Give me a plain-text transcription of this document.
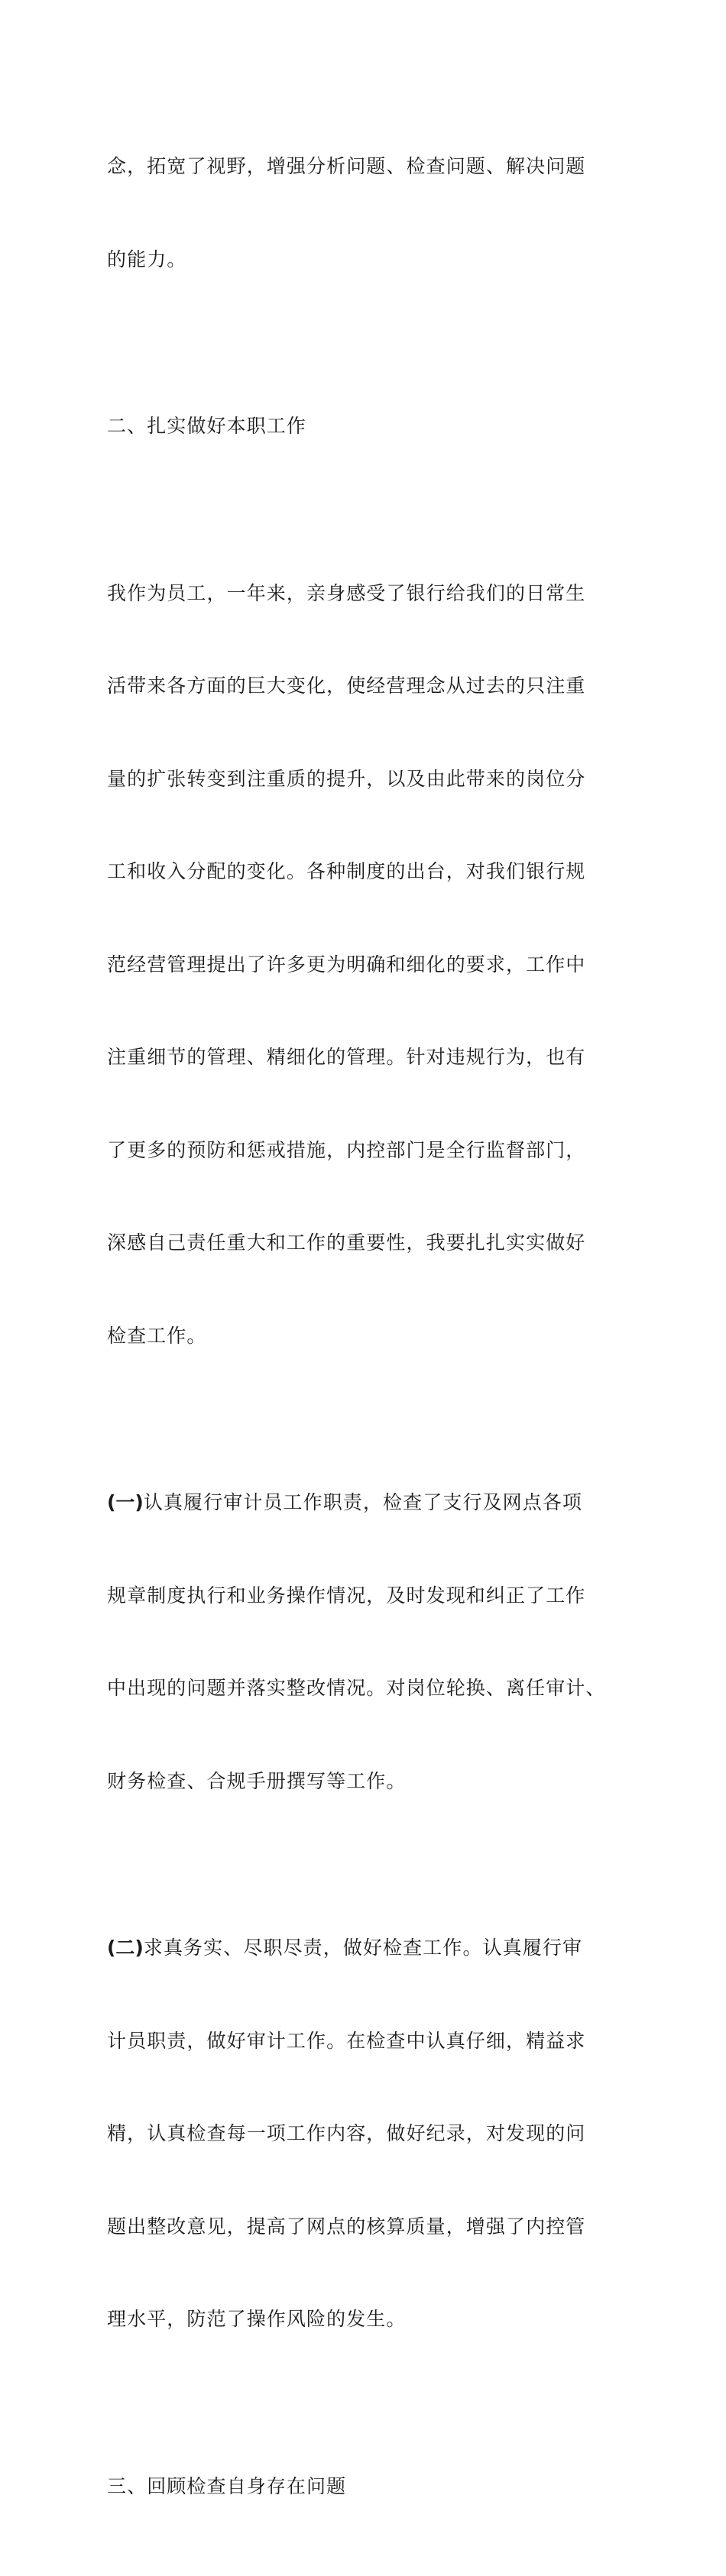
念，拓宽了视野，增强分析问题、检查问题、解决问题

的能力。

二、扎实做好本职工作

我作为员工，一年来，亲身感受了银行给我们的日常生

活带来各方面的巨大变化，使经营理念从过去的只注重

量的扩张转变到注重质的提升，以及由此带来的岗位分

工和收入分配的变化。各种制度的出台，对我们银行规

范经营管理提出了许多更为明确和细化的要求，工作中

注重细节的管理、精细化的管理。针对违规行为，也有

了更多的预防和惩戒措施，内控部门是全行监督部门，

深感自己责任重大和工作的重要性，我要扎扎实实做好

检查工作。

(一)认真履行审计员工作职责，检查了支行及网点各项

规章制度执行和业务操作情况，及时发现和纠正了工作

中出现的问题并落实整改情况。对岗位轮换、离任审计、

财务检查、合规手册撰写等工作。

(二)求真务实、尽职尽责，做好检查工作。认真履行审

计员职责，做好审计工作。在检查中认真仔细，精益求

精，认真检查每一项工作内容，做好纪录，对发现的问

题出整改意见，提高了网点的核算质量，增强了内控管

理水平，防范了操作风险的发生。

三、回顾检查自身存在问题
